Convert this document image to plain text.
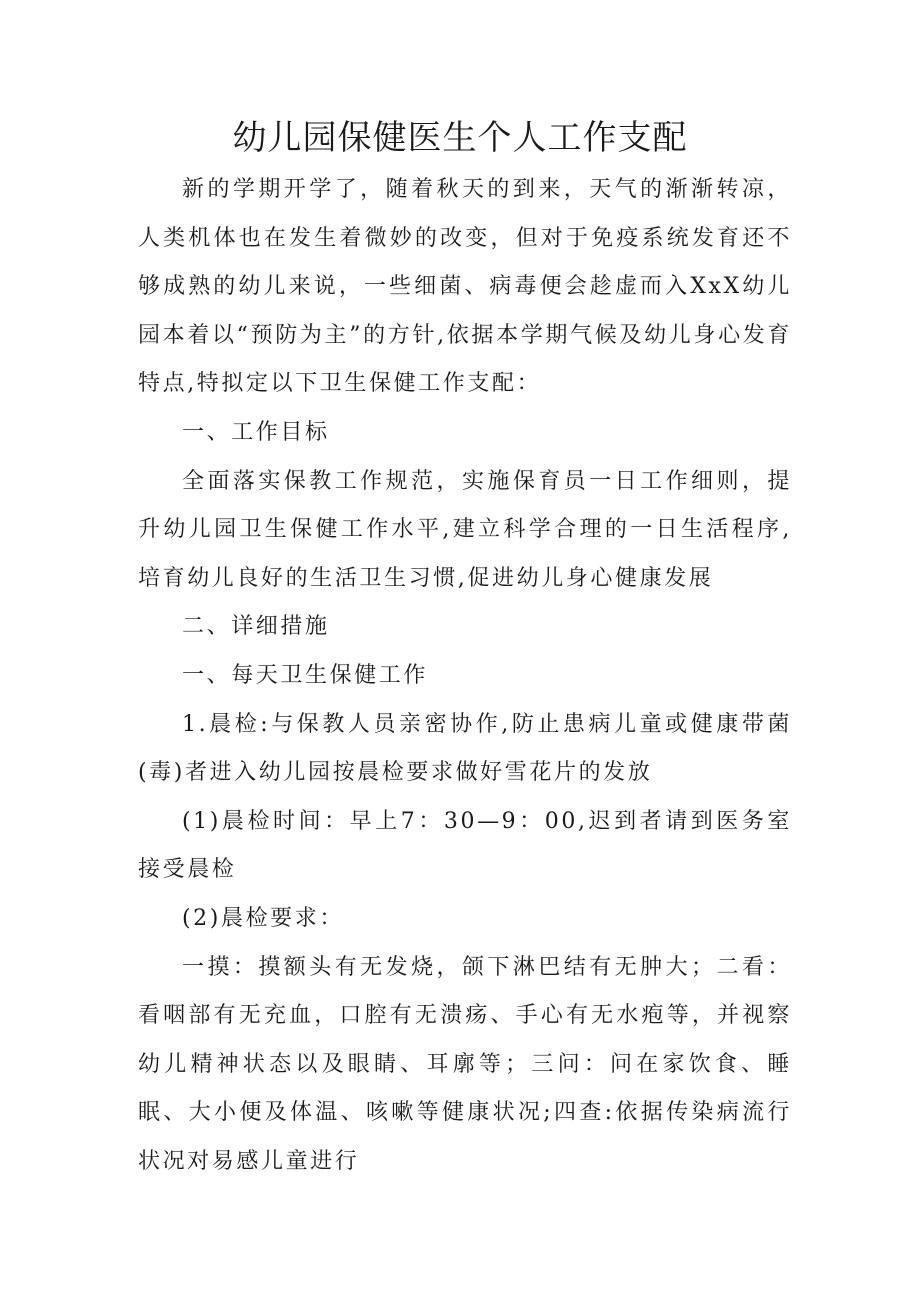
幼儿园保健医生个人工作支配

新的学期开学了，随着秋天的到来，天气的渐渐转凉，人类机体也在发生着微妙的改变，但对于免疫系统发育还不够成熟的幼儿来说，一些细菌、病毒便会趁虚而入XxX幼儿园本着以“预防为主”的方针,依据本学期气候及幼儿身心发育特点,特拟定以下卫生保健工作支配：

一、工作目标

全面落实保教工作规范，实施保育员一日工作细则，提升幼儿园卫生保健工作水平,建立科学合理的一日生活程序,培育幼儿良好的生活卫生习惯,促进幼儿身心健康发展

二、详细措施

一、每天卫生保健工作

1.晨检:与保教人员亲密协作,防止患病儿童或健康带菌(毒)者进入幼儿园按晨检要求做好雪花片的发放

(1)晨检时间：早上7：30—9：00,迟到者请到医务室接受晨检

(2)晨检要求：

一摸：摸额头有无发烧，颌下淋巴结有无肿大；二看：看咽部有无充血，口腔有无溃疡、手心有无水疱等，并视察幼儿精神状态以及眼睛、耳廓等；三问：问在家饮食、睡眠、大小便及体温、咳嗽等健康状况;四查:依据传染病流行状况对易感儿童进行
